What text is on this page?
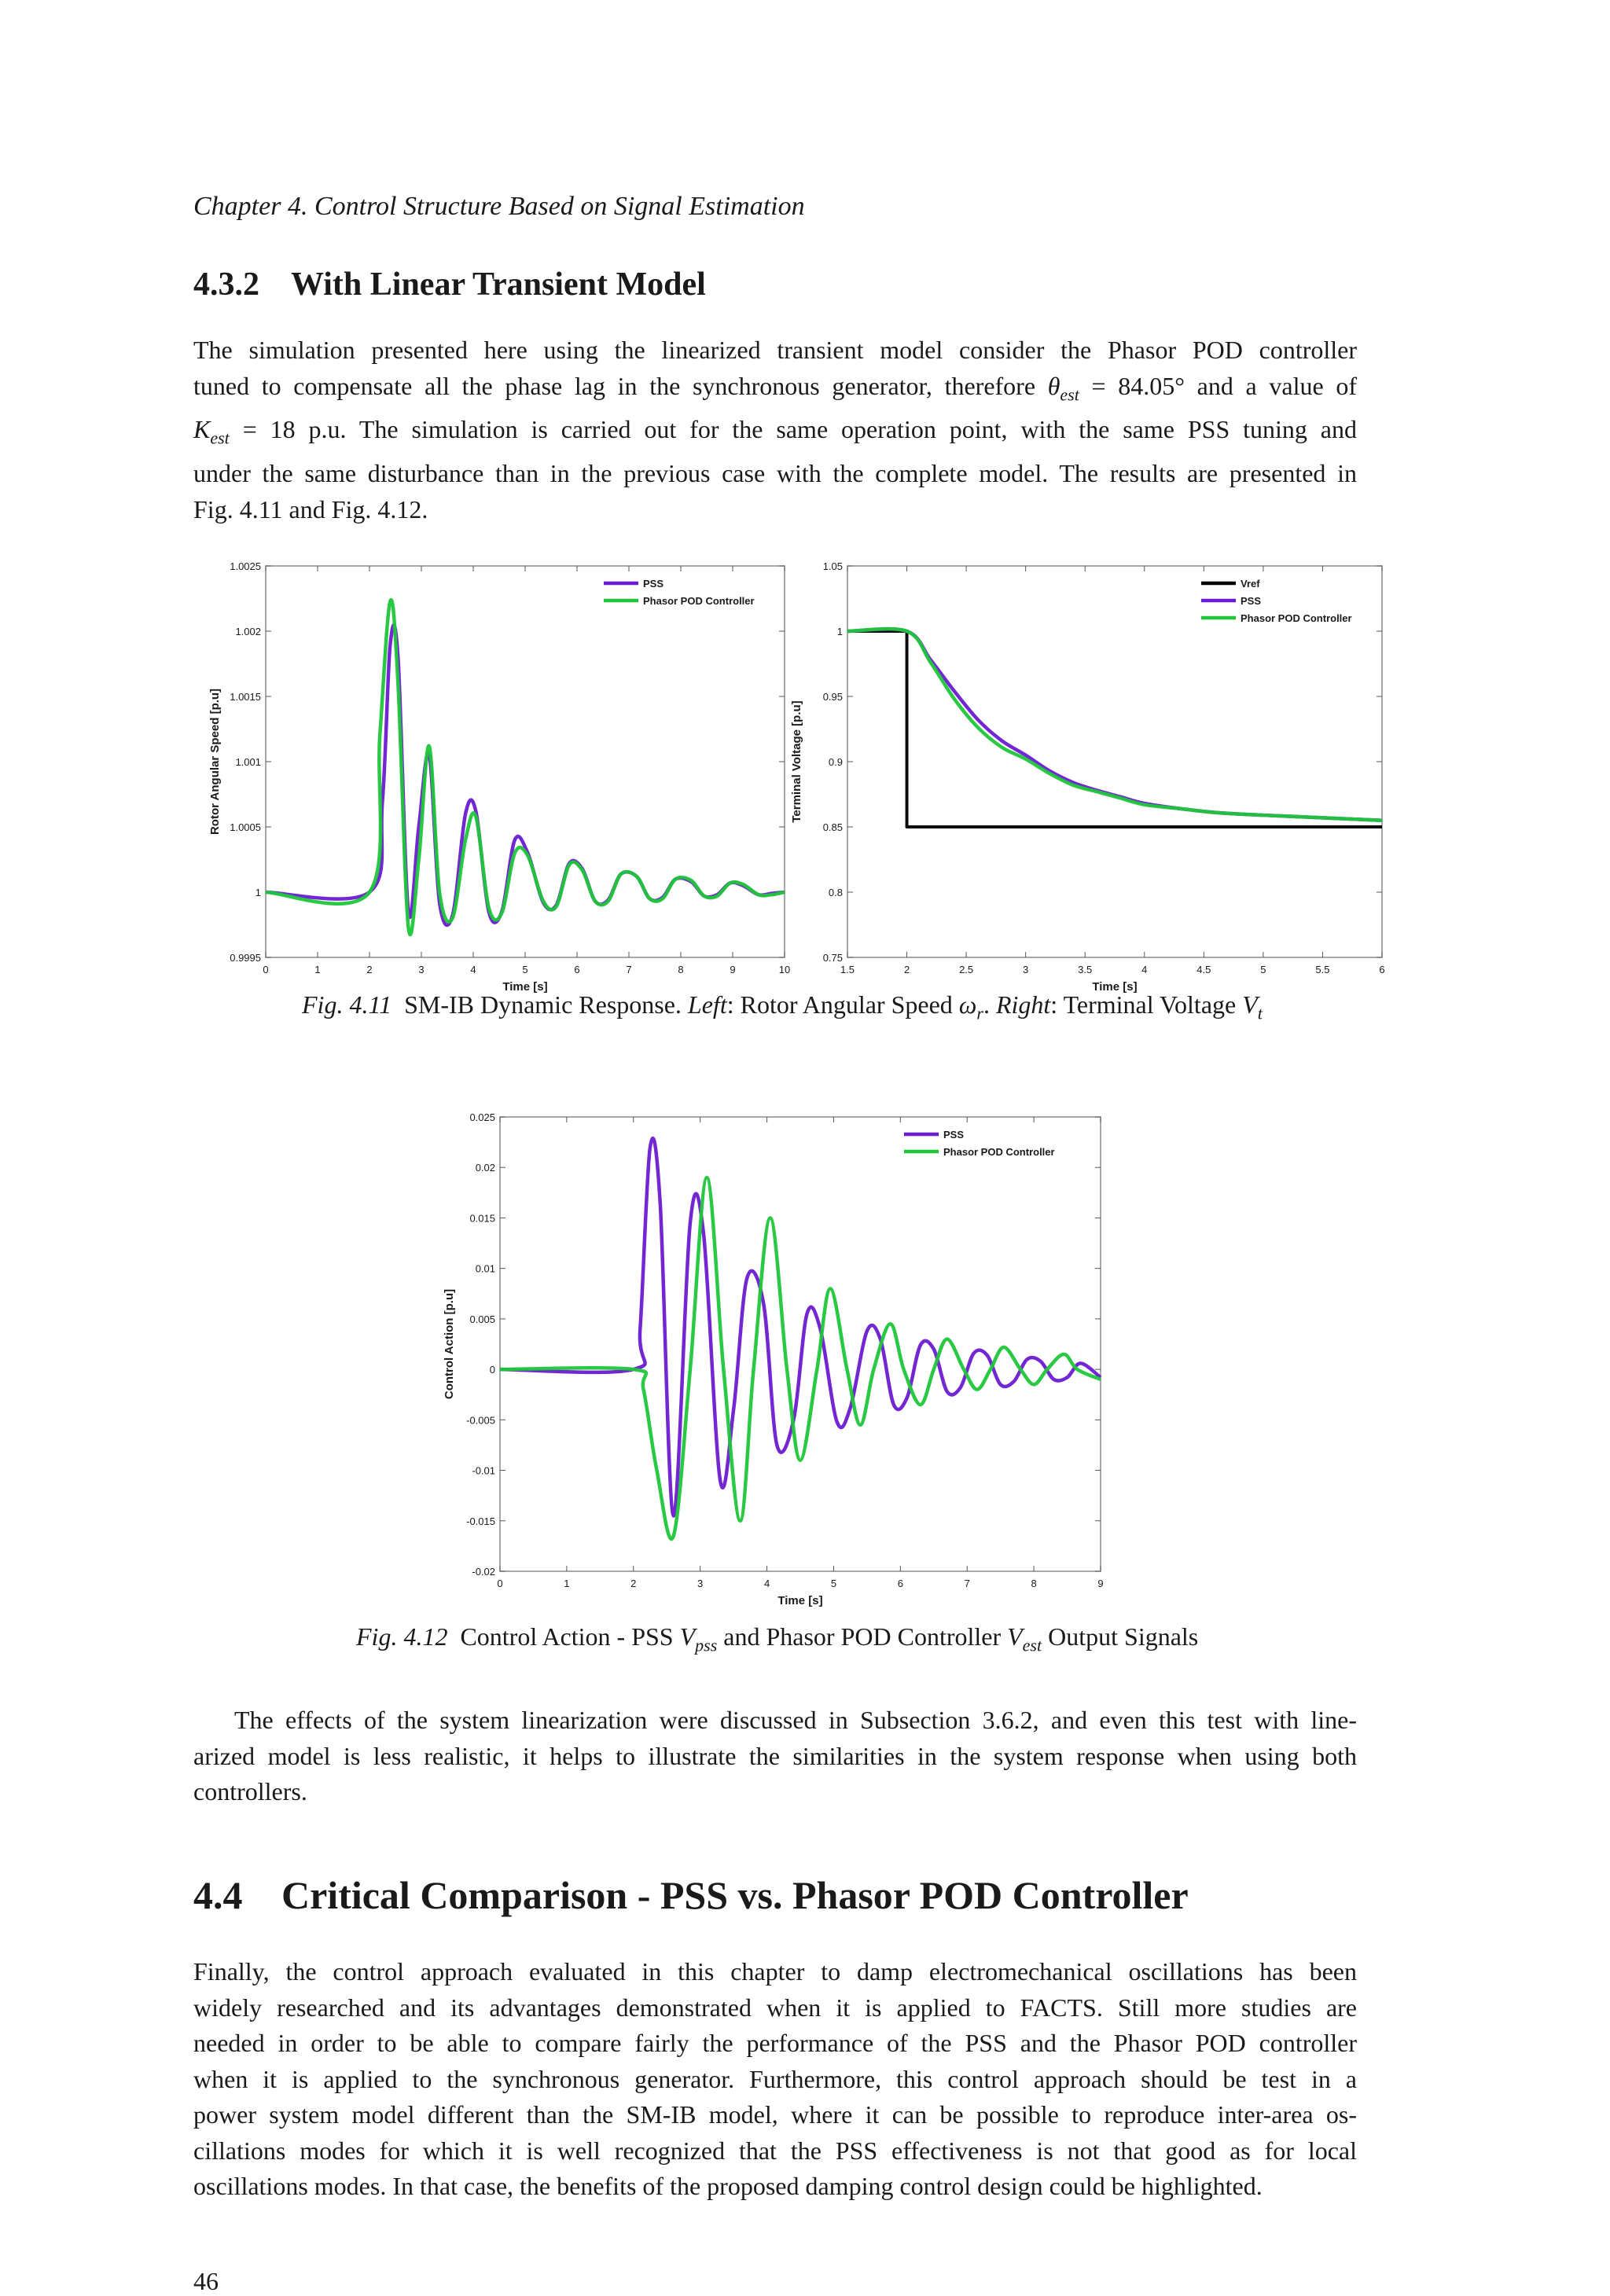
Chapter 4. Control Structure Based on Signal Estimation
4.3.2 With Linear Transient Model
The simulation presented here using the linearized transient model consider the Phasor POD controller
tuned to compensate all the phase lag in the synchronous generator, therefore $\theta_{est} = 84.05^\circ$ and a value of
$K_{est} = 18$ p.u. The simulation is carried out for the same operation point, with the same PSS tuning and
under the same disturbance than in the previous case with the complete model. The results are presented in
Fig. 4.11 and Fig. 4.12.
0	1	2	3	4	5	6	7	8	9	10
0.9995
1
1.0005
1.001
1.0015
1.002
1.0025
Time [s]
Rotor Angular Speed [p.u]
PSS
Phasor POD Controller
1.5	2	2.5	3	3.5	4	4.5	5	5.5	6
0.75
0.8
0.85
0.9
0.95
1
1.05
Time [s]
Terminal Voltage [p.u]
Vref
PSS
Phasor POD Controller
Fig. 4.11 SM-IB Dynamic Response. Left: Rotor Angular Speed $\omega_r$. Right: Terminal Voltage $V_t$
0	1	2	3	4	5	6	7	8	9
-0.02
-0.015
-0.01
-0.005
0
0.005
0.01
0.015
0.02
0.025
Time [s]
Control Action [p.u]
PSS
Phasor POD Controller
Fig. 4.12 Control Action - PSS $V_{pss}$ and Phasor POD Controller $V_{est}$ Output Signals
The effects of the system linearization were discussed in Subsection 3.6.2, and even this test with line-
arized model is less realistic, it helps to illustrate the similarities in the system response when using both
controllers.
4.4 Critical Comparison - PSS vs. Phasor POD Controller
Finally, the control approach evaluated in this chapter to damp electromechanical oscillations has been
widely researched and its advantages demonstrated when it is applied to FACTS. Still more studies are
needed in order to be able to compare fairly the performance of the PSS and the Phasor POD controller
when it is applied to the synchronous generator. Furthermore, this control approach should be test in a
power system model different than the SM-IB model, where it can be possible to reproduce inter-area os-
cillations modes for which it is well recognized that the PSS effectiveness is not that good as for local
oscillations modes. In that case, the benefits of the proposed damping control design could be highlighted.
46
